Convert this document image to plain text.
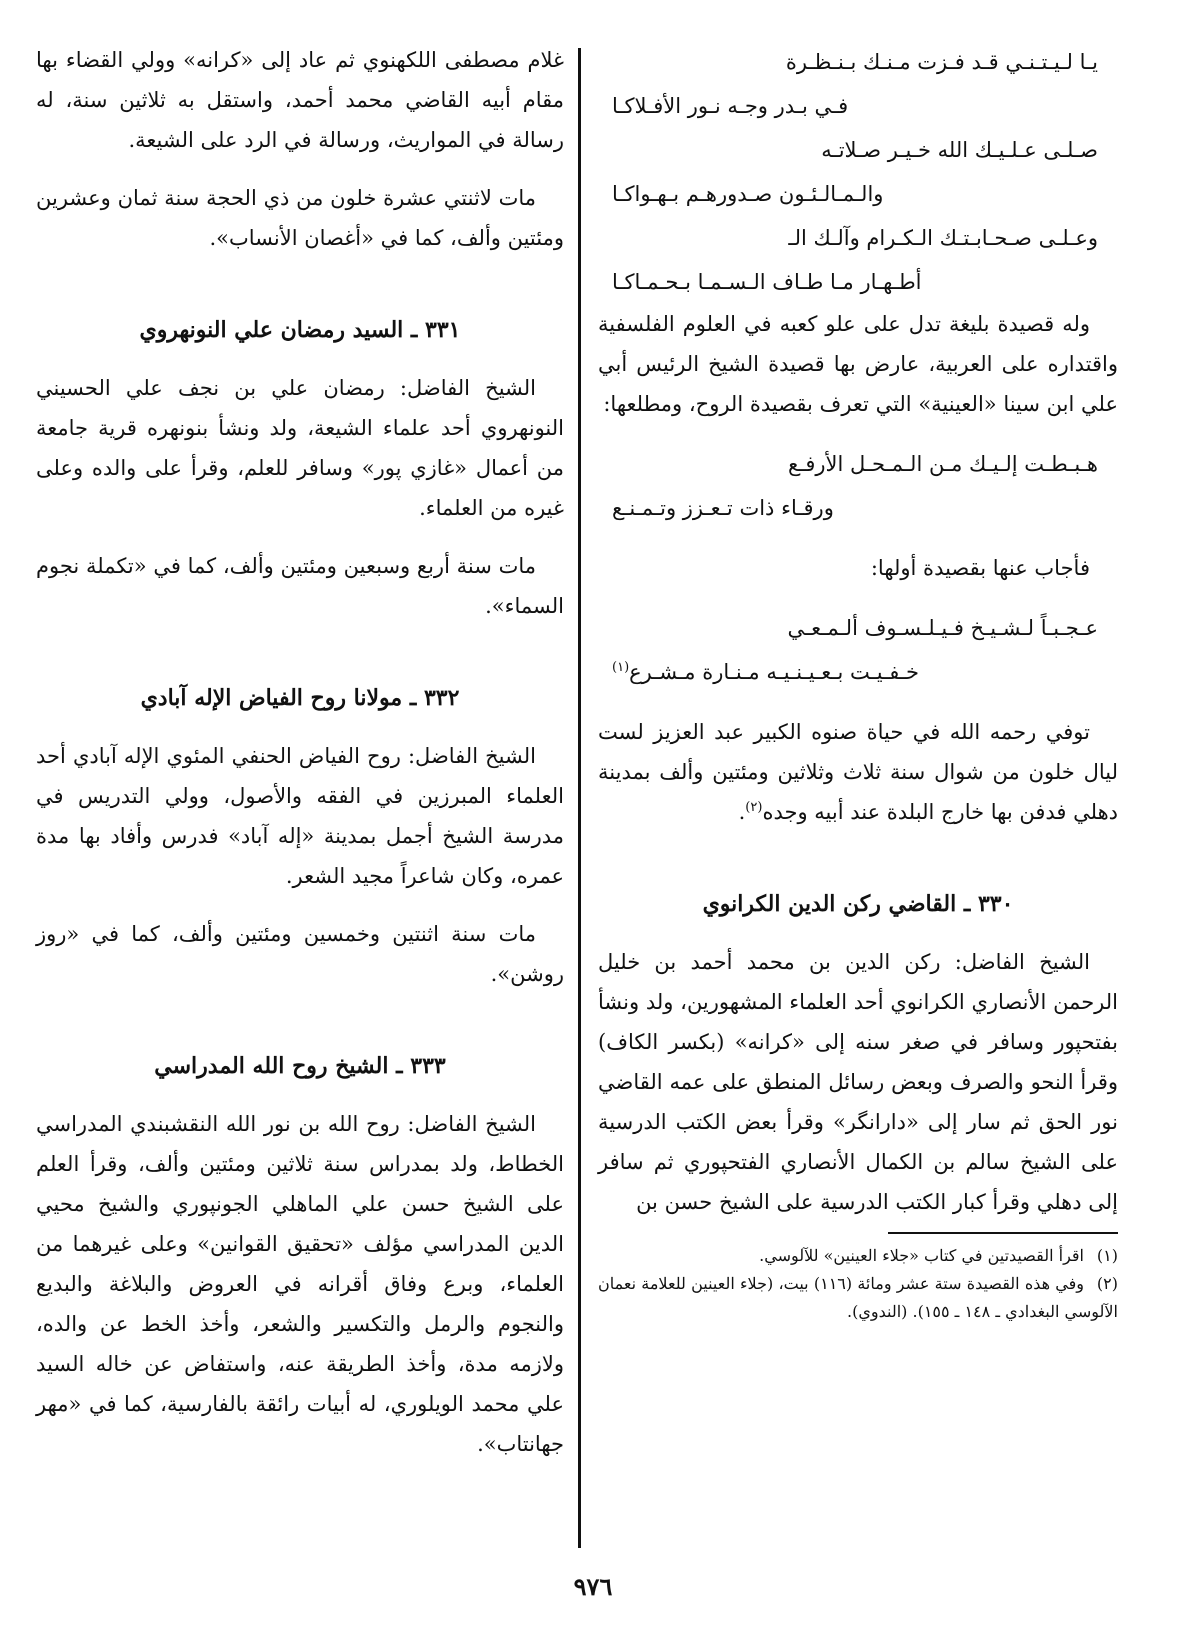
يـا لـيـتـنـي قـد فـزت مـنـك بـنـظـرة

فـي بـدر وجـه نـور الأفـلاكـا

صـلـى عـلـيـك الله خـيـر صـلاتـه

والـمـالـئـون صـدورهـم بـهـواكـا

وعـلـى صـحـابـتـك الـكـرام وآلـك الـ

أطـهـار مـا طـاف الـسـمـا بـحـمـاكـا

وله قصيدة بليغة تدل على علو كعبه في العلوم الفلسفية واقتداره على العربية، عارض بها قصيدة الشيخ الرئيس أبي علي ابن سينا «العينية» التي تعرف بقصيدة الروح، ومطلعها:

هـبـطـت إلـيـك مـن الـمـحـل الأرفـع

ورقـاء ذات تـعـزز وتـمـنـع

فأجاب عنها بقصيدة أولها:

عـجـبـاً لـشـيـخ فـيـلـسـوف ألـمـعـي

خـفـيـت بـعـيـنـيـه مـنـارة مـشـرع$^{(١)}$

توفي رحمه الله في حياة صنوه الكبير عبد العزيز لست ليال خلون من شوال سنة ثلاث وثلاثين ومئتين وألف بمدينة دهلي فدفن بها خارج البلدة عند أبيه وجده$^{(٢)}$.

٣٣٠ ـ القاضي ركن الدين الكرانوي

الشيخ الفاضل: ركن الدين بن محمد أحمد بن خليل الرحمن الأنصاري الكرانوي أحد العلماء المشهورين، ولد ونشأ بفتحپور وسافر في صغر سنه إلى «كرانه» (بكسر الكاف) وقرأ النحو والصرف وبعض رسائل المنطق على عمه القاضي نور الحق ثم سار إلى «دارانگر» وقرأ بعض الكتب الدرسية على الشيخ سالم بن الكمال الأنصاري الفتحپوري ثم سافر إلى دهلي وقرأ كبار الكتب الدرسية على الشيخ حسن بن

(١)اقرأ القصيدتين في كتاب «جلاء العينين» للآلوسي.

(٢)وفي هذه القصيدة ستة عشر ومائة (١١٦) بيت، (جلاء العينين للعلامة نعمان الآلوسي البغدادي ـ ١٤٨ ـ ١٥٥). (الندوي).

غلام مصطفى اللكهنوي ثم عاد إلى «كرانه» وولي القضاء بها مقام أبيه القاضي محمد أحمد، واستقل به ثلاثين سنة، له رسالة في المواريث، ورسالة في الرد على الشيعة.

مات لاثنتي عشرة خلون من ذي الحجة سنة ثمان وعشرين ومئتين وألف، كما في «أغصان الأنساب».

٣٣١ ـ السيد رمضان علي النونهروي

الشيخ الفاضل: رمضان علي بن نجف علي الحسيني النونهروي أحد علماء الشيعة، ولد ونشأ بنونهره قرية جامعة من أعمال «غازي پور» وسافر للعلم، وقرأ على والده وعلى غيره من العلماء.

مات سنة أربع وسبعين ومئتين وألف، كما في «تكملة نجوم السماء».

٣٣٢ ـ مولانا روح الفياض الإله آبادي

الشيخ الفاضل: روح الفياض الحنفي المئوي الإله آبادي أحد العلماء المبرزين في الفقه والأصول، وولي التدريس في مدرسة الشيخ أجمل بمدينة «إله آباد» فدرس وأفاد بها مدة عمره، وكان شاعراً مجيد الشعر.

مات سنة اثنتين وخمسين ومئتين وألف، كما في «روز روشن».

٣٣٣ ـ الشيخ روح الله المدراسي

الشيخ الفاضل: روح الله بن نور الله النقشبندي المدراسي الخطاط، ولد بمدراس سنة ثلاثين ومئتين وألف، وقرأ العلم على الشيخ حسن علي الماهلي الجونپوري والشيخ محيي الدين المدراسي مؤلف «تحقيق القوانين» وعلى غيرهما من العلماء، وبرع وفاق أقرانه في العروض والبلاغة والبديع والنجوم والرمل والتكسير والشعر، وأخذ الخط عن والده، ولازمه مدة، وأخذ الطريقة عنه، واستفاض عن خاله السيد علي محمد الويلوري، له أبيات رائقة بالفارسية، كما في «مهر جهانتاب».

٩٧٦
